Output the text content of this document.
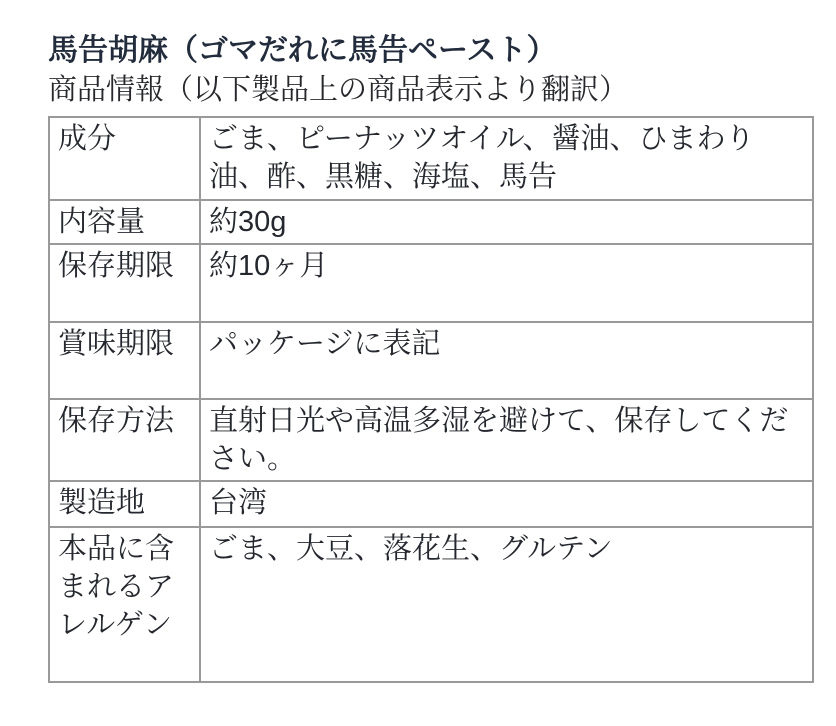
馬告胡麻（ゴマだれに馬告ペースト）

商品情報（以下製品上の商品表示より翻訳）

成分	ごま、ピーナッツオイル、醤油、ひまわり油、酢、黒糖、海塩、馬告
内容量	約30g
保存期限	約10ヶ月
賞味期限	パッケージに表記
保存方法	直射日光や高温多湿を避けて、保存してください。
製造地	台湾
本品に含まれるアレルゲン	ごま、大豆、落花生、グルテン
